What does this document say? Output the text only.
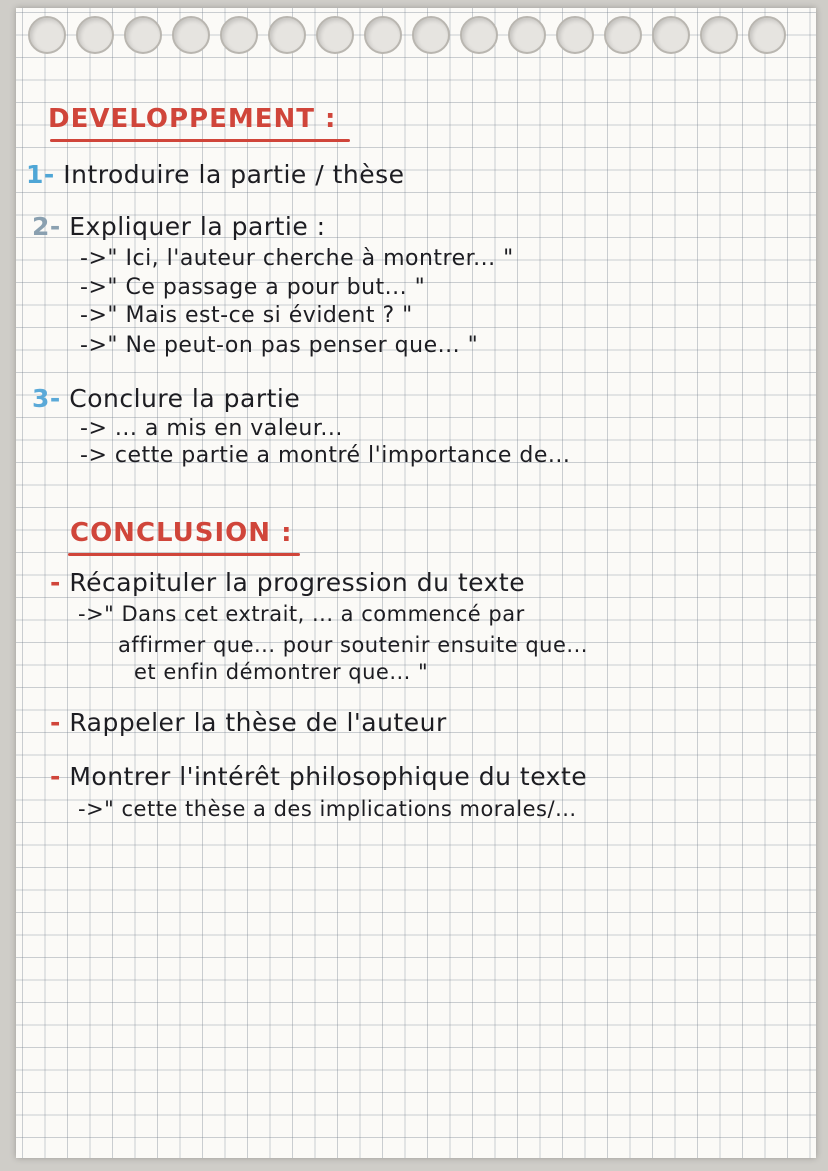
DEVELOPPEMENT :
1- Introduire la partie / thèse
2- Expliquer la partie :
->" Ici, l'auteur cherche à montrer... "
->" Ce passage a pour but... "
->" Mais est-ce si évident ? "
->" Ne peut-on pas penser que... "
3- Conclure la partie
-> ... a mis en valeur...
-> cette partie a montré l'importance de...
CONCLUSION :
- Récapituler la progression du texte
->" Dans cet extrait, ... a commencé par
affirmer que... pour soutenir ensuite que...
et enfin démontrer que... "
- Rappeler la thèse de l'auteur
- Montrer l'intérêt philosophique du texte
->" cette thèse a des implications morales/...
